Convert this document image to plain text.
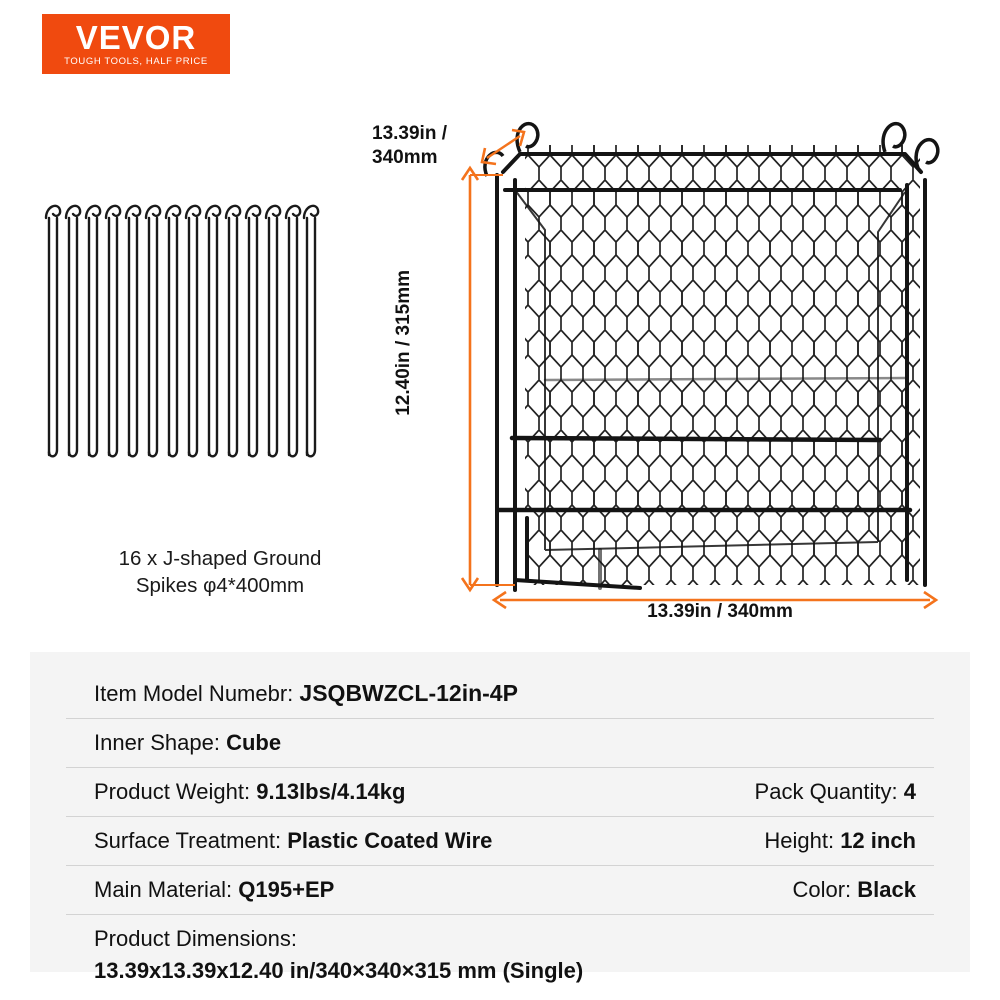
VEVOR
TOUGH TOOLS, HALF PRICE
13.39in / 340mm
12.40in / 315mm
13.39in / 340mm
16 x J-shaped Ground
Spikes φ4*400mm
Item Model Numebr: JSQBWZCL-12in-4P	
Inner Shape: Cube	
Product Weight: 9.13lbs/4.14kg	Pack Quantity: 4
Surface Treatment: Plastic Coated Wire	Height: 12 inch
Main Material: Q195+EP	Color: Black
Product Dimensions:
13.39x13.39x12.40 in/340×340×315 mm (Single)	
